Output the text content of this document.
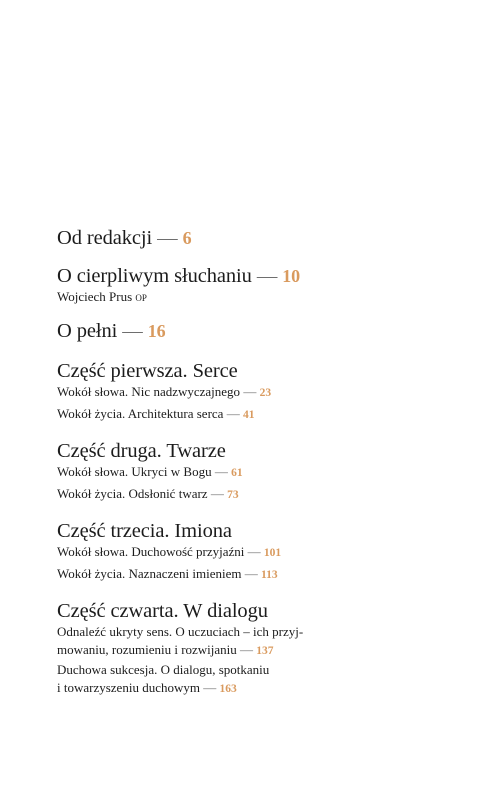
Od redakcji — 6
O cierpliwym słuchaniu — 10
Wojciech Prus op
O pełni — 16
Część pierwsza. Serce
Wokół słowa. Nic nadzwyczajnego — 23
Wokół życia. Architektura serca — 41
Część druga. Twarze
Wokół słowa. Ukryci w Bogu — 61
Wokół życia. Odsłonić twarz — 73
Część trzecia. Imiona
Wokół słowa. Duchowość przyjaźni — 101
Wokół życia. Naznaczeni imieniem — 113
Część czwarta. W dialogu
Odnaleźć ukryty sens. O uczuciach – ich przyj-
mowaniu, rozumieniu i rozwijaniu — 137
Duchowa sukcesja. O dialogu, spotkaniu
i towarzyszeniu duchowym — 163
